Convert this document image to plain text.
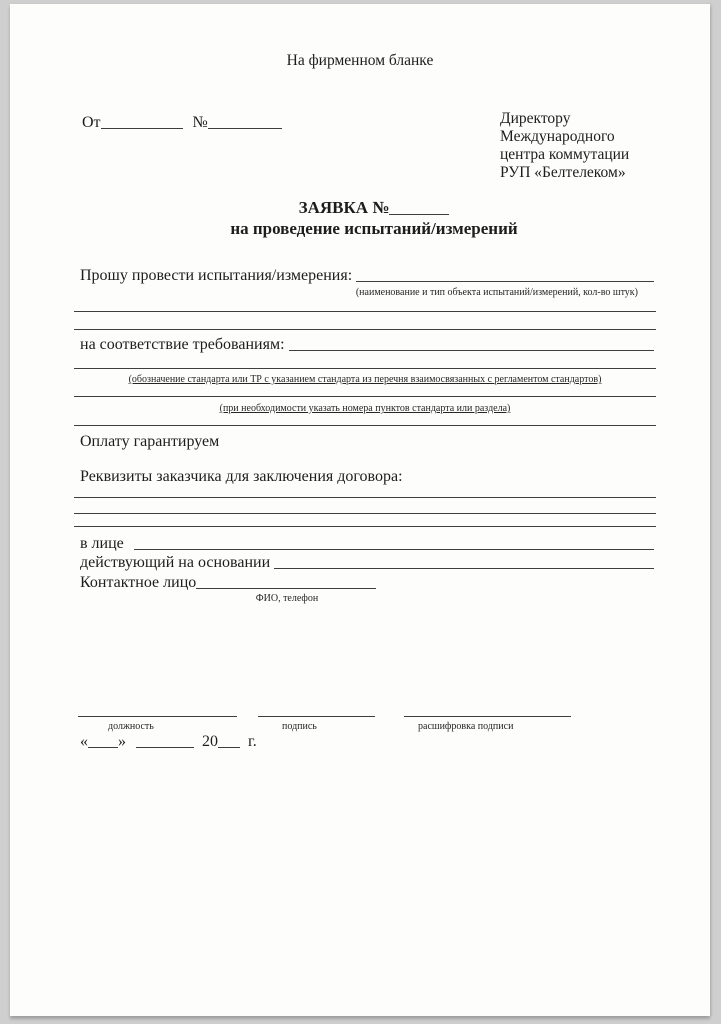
На фирменном бланке
От	№	Директору
Международного
центра коммутации
РУП «Белтелеком»
ЗАЯВКА №
на проведение испытаний/измерений
Прошу провести испытания/измерения:
(наименование и тип объекта испытаний/измерений, кол-во штук)
на соответствие требованиям:
(обозначение стандарта или ТР с указанием стандарта из перечня взаимосвязанных с регламентом стандартов)
(при необходимости указать номера пунктов стандарта или раздела)
Оплату гарантируем
Реквизиты заказчика для заключения договора:
в лице
действующий на основании
Контактное лицо
ФИО, телефон
должность	подпись	расшифровка подписи
« »	20 г.
